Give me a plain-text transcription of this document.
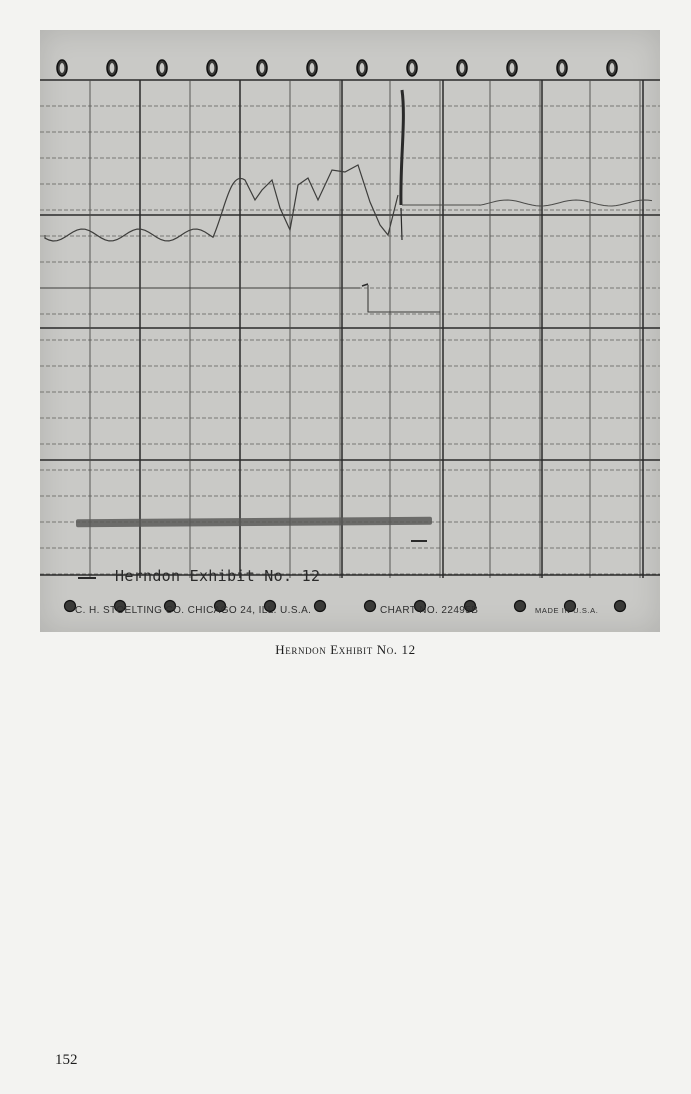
Herndon Exhibit No. 12
C. H. STOELTING CO. CHICAGO 24, ILL. U.S.A.	CHART NO. 22495B	MADE IN U.S.A.
Herndon Exhibit No. 12
152
